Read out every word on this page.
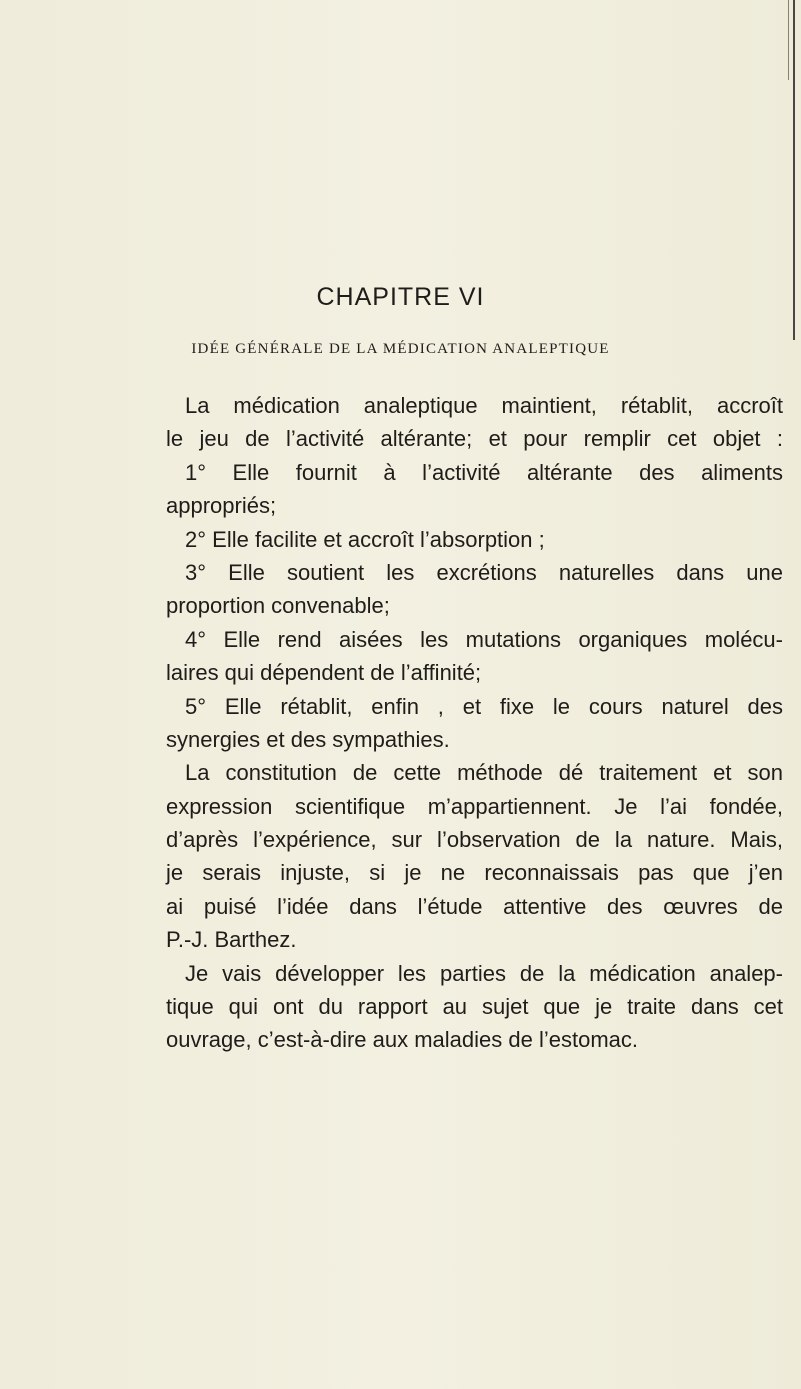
CHAPITRE VI
IDÉE GÉNÉRALE DE LA MÉDICATION ANALEPTIQUE
La médication analeptique maintient, rétablit, accroît
le jeu de l’activité altérante; et pour remplir cet objet :
1° Elle fournit à l’activité altérante des aliments
appropriés;
2° Elle facilite et accroît l’absorption ;
3° Elle soutient les excrétions naturelles dans une
proportion convenable;
4° Elle rend aisées les mutations organiques molécu-
laires qui dépendent de l’affinité;
5° Elle rétablit, enfin , et fixe le cours naturel des
synergies et des sympathies.
La constitution de cette méthode dé traitement et son
expression scientifique m’appartiennent. Je l’ai fondée,
d’après l’expérience, sur l’observation de la nature. Mais,
je serais injuste, si je ne reconnaissais pas que j’en
ai puisé l’idée dans l’étude attentive des œuvres de
P.-J. Barthez.
Je vais développer les parties de la médication analep-
tique qui ont du rapport au sujet que je traite dans cet
ouvrage, c’est-à-dire aux maladies de l’estomac.
